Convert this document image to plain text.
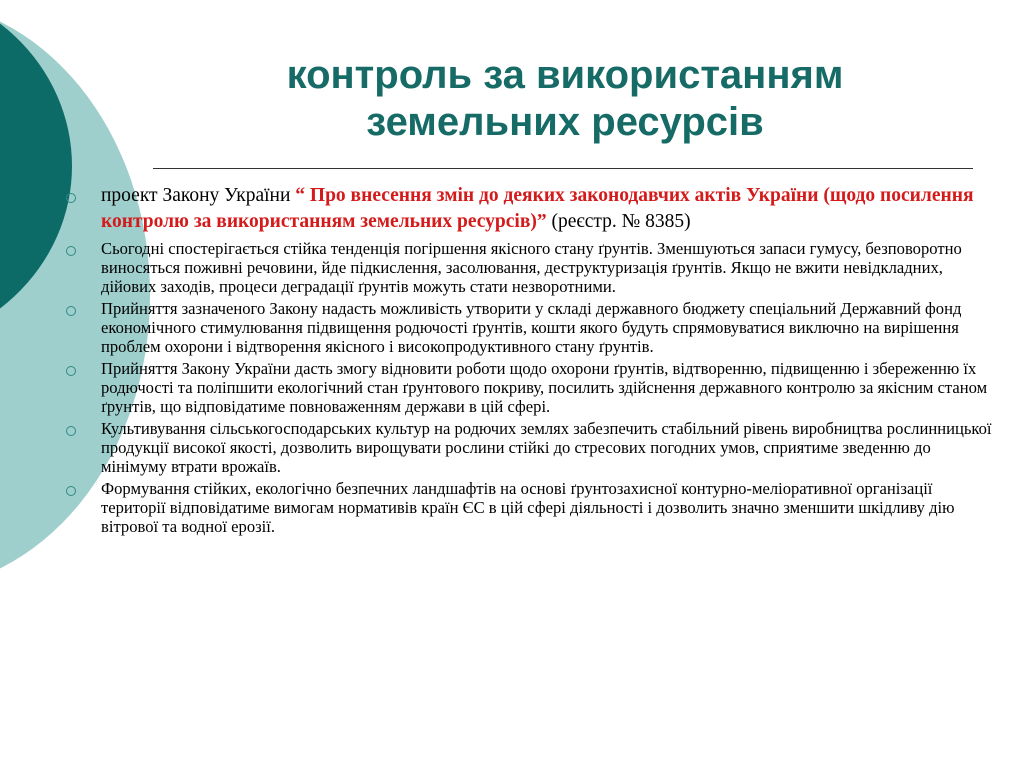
контроль за використанням
земельних ресурсів
проект Закону України “ Про внесення змін до деяких законодавчих актів України (щодо посилення контролю за використанням земельних ресурсів)” (реєстр. № 8385)
Сьогодні спостерігається стійка тенденція погіршення якісного стану ґрунтів. Зменшуються запаси гумусу, безповоротно виносяться поживні речовини, йде підкислення, засолювання, деструктуризація ґрунтів. Якщо не вжити невідкладних, дійових заходів, процеси деградації ґрунтів можуть стати незворотними.
Прийняття зазначеного Закону надасть можливість утворити у складі державного бюджету спеціальний Державний фонд економічного стимулювання підвищення родючості ґрунтів, кошти якого будуть спрямовуватися виключно на вирішення проблем охорони і відтворення якісного і високопродуктивного стану ґрунтів.
Прийняття Закону України дасть змогу відновити роботи щодо охорони ґрунтів, відтворенню, підвищенню і збереженню їх родючості та поліпшити екологічний стан ґрунтового покриву, посилить здійснення державного контролю за якісним станом ґрунтів, що відповідатиме повноваженням держави в цій сфері.
Культивування сільськогосподарських культур на родючих землях забезпечить стабільний рівень виробництва рослинницької продукції високої якості, дозволить вирощувати рослини стійкі до стресових погодних умов, сприятиме зведенню до мінімуму втрати врожаїв.
Формування стійких, екологічно безпечних ландшафтів на основі ґрунтозахисної контурно-меліоративної організації території відповідатиме вимогам нормативів країн ЄС в цій сфері діяльності і дозволить значно зменшити шкідливу дію вітрової та водної ерозії.
